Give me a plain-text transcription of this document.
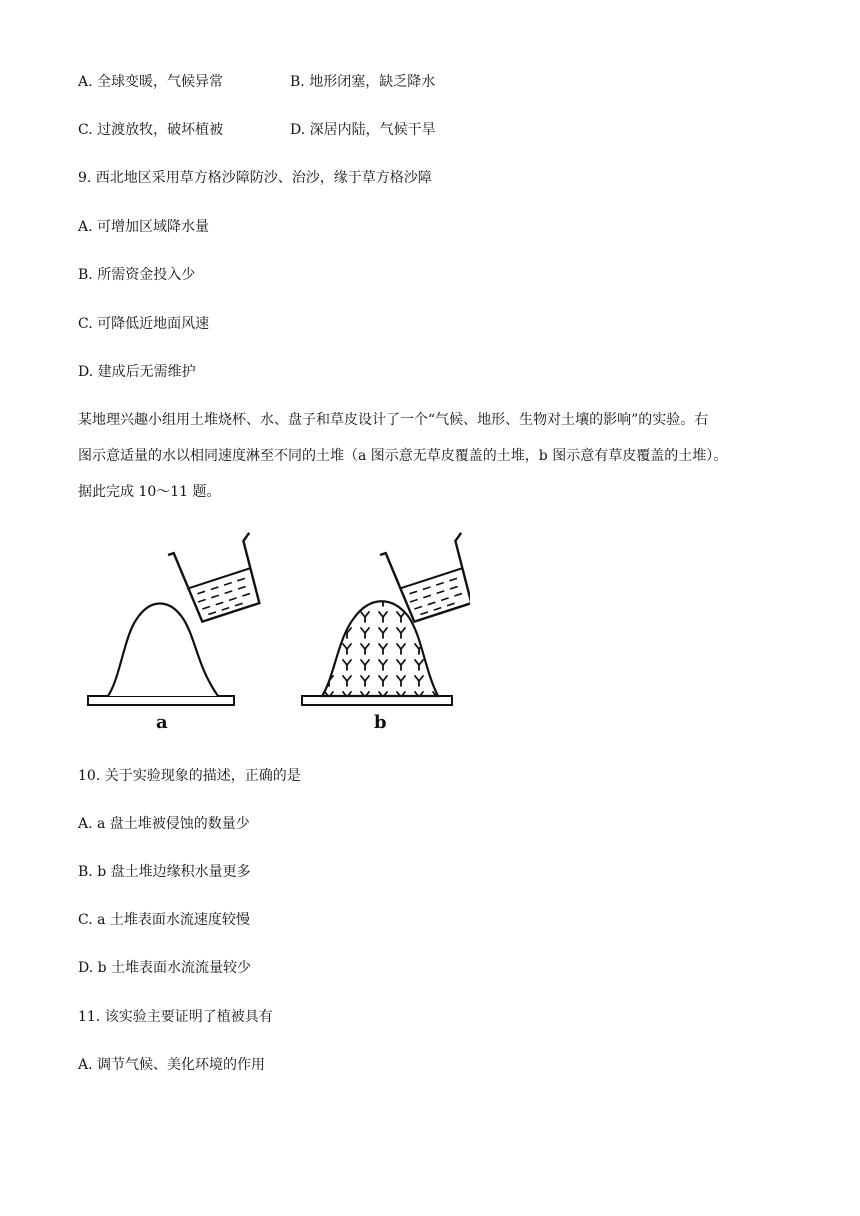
A. 全球变暖，气候异常	B. 地形闭塞，缺乏降水
C. 过渡放牧，破坏植被	D. 深居内陆，气候干旱
9. 西北地区采用草方格沙障防沙、治沙，缘于草方格沙障
A. 可增加区域降水量
B. 所需资金投入少
C. 可降低近地面风速
D. 建成后无需维护
某地理兴趣小组用土堆烧杯、水、盘子和草皮设计了一个“气候、地形、生物对土壤的影响”的实验。右
图示意适量的水以相同速度淋至不同的土堆（a 图示意无草皮覆盖的土堆，b 图示意有草皮覆盖的土堆）。
据此完成 10～11 题。
a	b
10. 关于实验现象的描述，正确的是
A. a 盘土堆被侵蚀的数量少
B. b 盘土堆边缘积水量更多
C. a 土堆表面水流速度较慢
D. b 土堆表面水流流量较少
11. 该实验主要证明了植被具有
A. 调节气候、美化环境的作用
